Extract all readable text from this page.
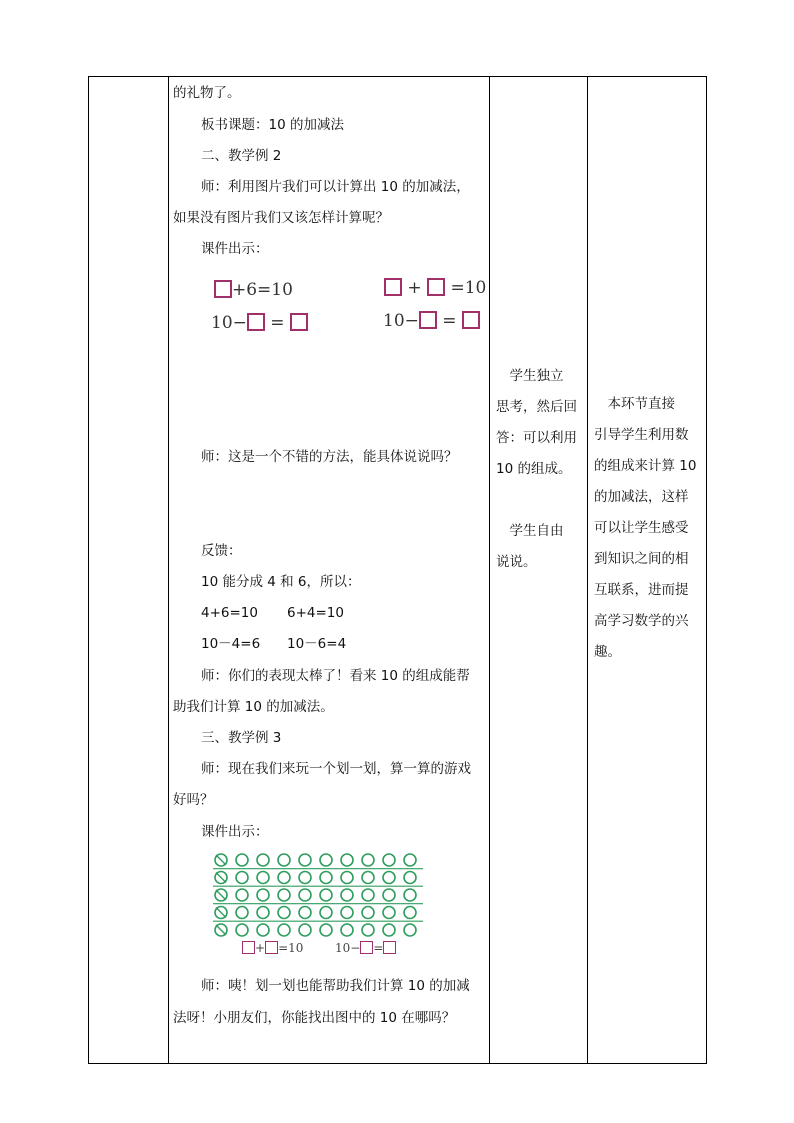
的礼物了。
板书课题：10 的加减法
二、教学例 2
师：利用图片我们可以计算出 10 的加减法，
如果没有图片我们又该怎样计算呢？
课件出示：
+6=10
10− =
+ =10
10− =
师：这是一个不错的方法，能具体说说吗？
反馈：
10 能分成 4 和 6，所以：
4+6=10 6+4=10
10－4=6 10－6=4
师：你们的表现太棒了！看来 10 的组成能帮
助我们计算 10 的加减法。
三、教学例 3
师：现在我们来玩一个划一划，算一算的游戏
好吗？
课件出示：
+ =10	10− =
师：咦！划一划也能帮助我们计算 10 的加减
法呀！小朋友们，你能找出图中的 10 在哪吗？
　学生独立
思考，然后回
答：可以利用
10 的组成。
　学生自由
说说。
　本环节直接
引导学生利用数
的组成来计算 10
的加减法，这样
可以让学生感受
到知识之间的相
互联系，进而提
高学习数学的兴
趣。
